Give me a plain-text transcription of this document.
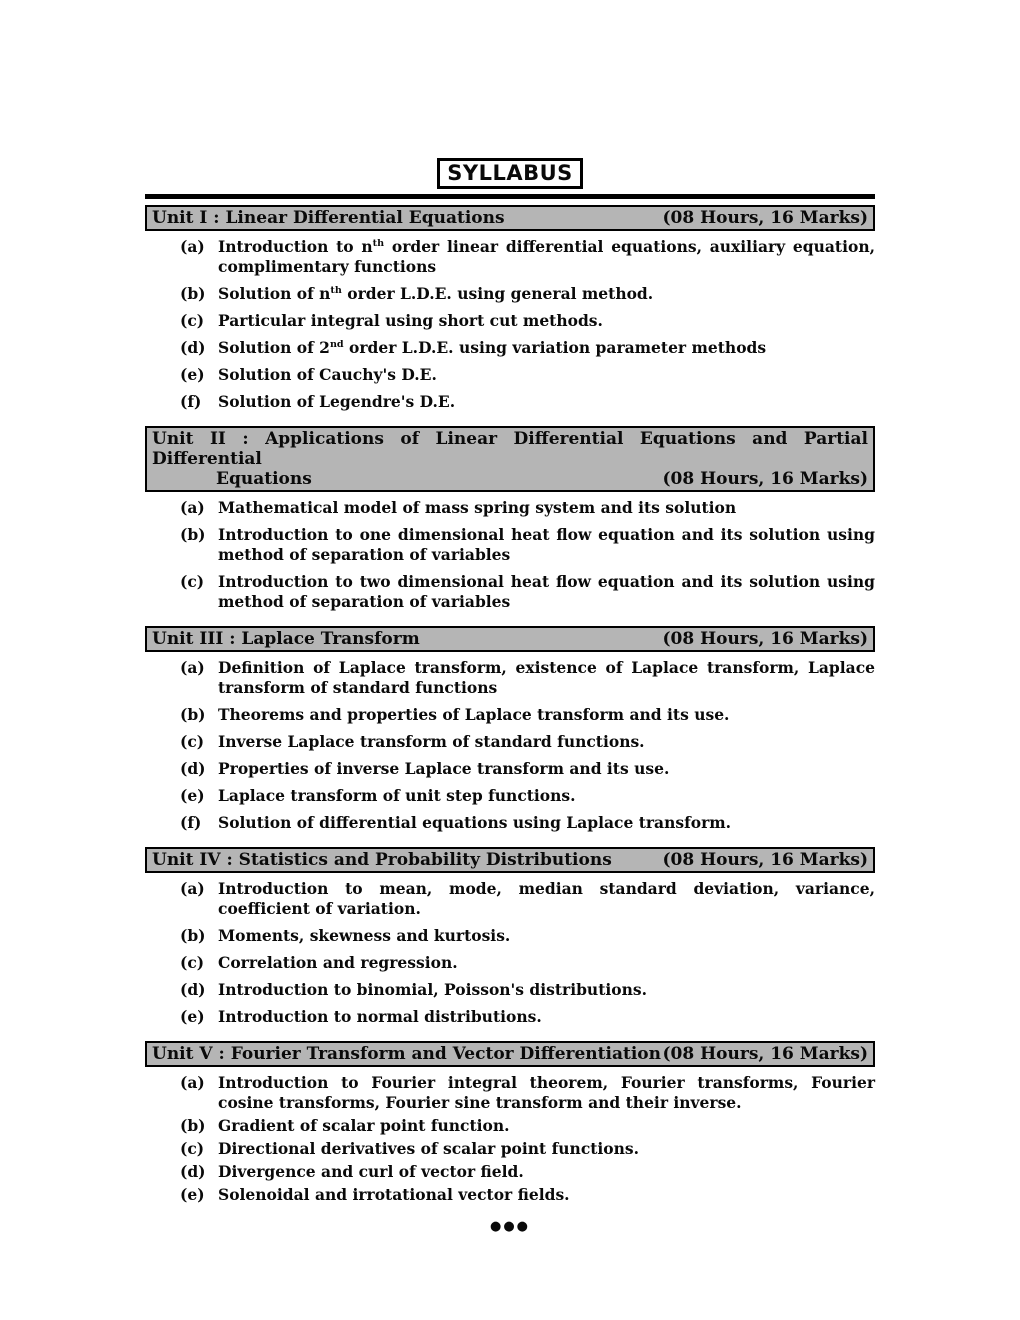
SYLLABUS
Unit I : Linear Differential Equations	(08 Hours, 16 Marks)
(a) Introduction to $n^{th}$ order linear differential equations, auxiliary equation, complimentary functions
(b) Solution of $n^{th}$ order L.D.E. using general method.
(c) Particular integral using short cut methods.
(d) Solution of 2nd order L.D.E. using variation parameter methods
(e) Solution of Cauchy's D.E.
(f)	Solution of Legendre's D.E.
Unit II : Applications of Linear Differential Equations and Partial Differential
Equations	(08 Hours, 16 Marks)
(a) Mathematical model of mass spring system and its solution
(b) Introduction to one dimensional heat flow equation and its solution using method of separation of variables
(c) Introduction to two dimensional heat flow equation and its solution using method of separation of variables
Unit III : Laplace Transform	(08 Hours, 16 Marks)
(a) Definition of Laplace transform, existence of Laplace transform, Laplace transform of standard functions
(b) Theorems and properties of Laplace transform and its use.
(c) Inverse Laplace transform of standard functions.
(d) Properties of inverse Laplace transform and its use.
(e) Laplace transform of unit step functions.
(f)	Solution of differential equations using Laplace transform.
Unit IV : Statistics and Probability Distributions	(08 Hours, 16 Marks)
(a) Introduction to mean, mode, median standard deviation, variance, coefficient of variation.
(b) Moments, skewness and kurtosis.
(c) Correlation and regression.
(d) Introduction to binomial, Poisson's distributions.
(e) Introduction to normal distributions.
Unit V : Fourier Transform and Vector Differentiation (08 Hours, 16 Marks)
(a) Introduction to Fourier integral theorem, Fourier transforms, Fourier cosine transforms, Fourier sine transform and their inverse.
(b) Gradient of scalar point function.
(c) Directional derivatives of scalar point functions.
(d) Divergence and curl of vector field.
(e) Solenoidal and irrotational vector fields.
●●●
